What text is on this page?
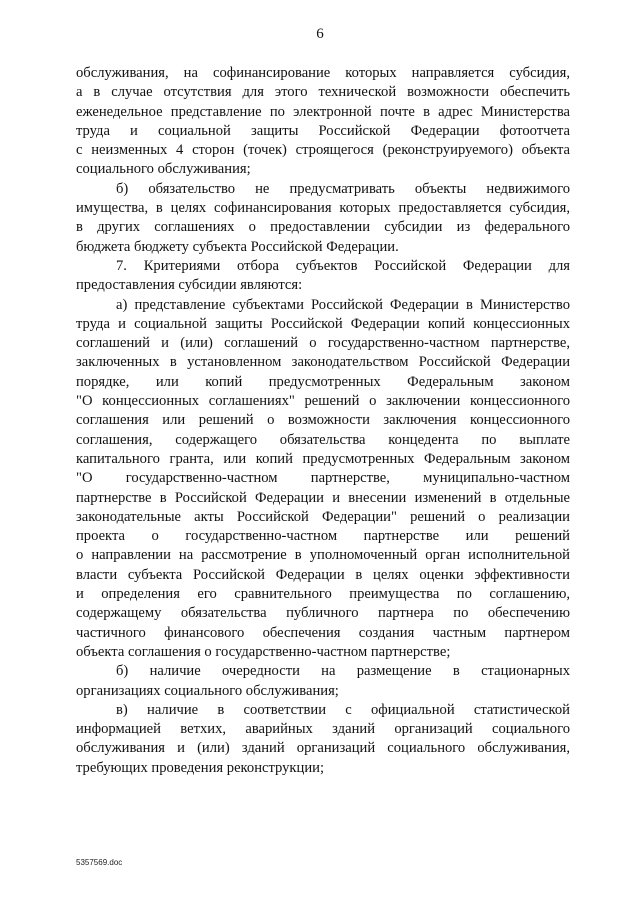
6

обслуживания, на софинансирование которых направляется субсидия,
а в случае отсутствия для этого технической возможности обеспечить
еженедельное представление по электронной почте в адрес Министерства
труда и социальной защиты Российской Федерации фотоотчета
с неизменных 4 сторон (точек) строящегося (реконструируемого) объекта
социального обслуживания;

б) обязательство не предусматривать объекты недвижимого
имущества, в целях софинансирования которых предоставляется субсидия,
в других соглашениях о предоставлении субсидии из федерального
бюджета бюджету субъекта Российской Федерации.

7. Критериями отбора субъектов Российской Федерации для
предоставления субсидии являются:

а) представление субъектами Российской Федерации в Министерство
труда и социальной защиты Российской Федерации копий концессионных
соглашений и (или) соглашений о государственно-частном партнерстве,
заключенных в установленном законодательством Российской Федерации
порядке, или копий предусмотренных Федеральным законом
"О концессионных соглашениях" решений о заключении концессионного
соглашения или решений о возможности заключения концессионного
соглашения, содержащего обязательства концедента по выплате
капитального гранта, или копий предусмотренных Федеральным законом
"О государственно-частном партнерстве, муниципально-частном
партнерстве в Российской Федерации и внесении изменений в отдельные
законодательные акты Российской Федерации" решений о реализации
проекта о государственно-частном партнерстве или решений
о направлении на рассмотрение в уполномоченный орган исполнительной
власти субъекта Российской Федерации в целях оценки эффективности
и определения его сравнительного преимущества по соглашению,
содержащему обязательства публичного партнера по обеспечению
частичного финансового обеспечения создания частным партнером
объекта соглашения о государственно-частном партнерстве;

б) наличие очередности на размещение в стационарных
организациях социального обслуживания;

в) наличие в соответствии с официальной статистической
информацией ветхих, аварийных зданий организаций социального
обслуживания и (или) зданий организаций социального обслуживания,
требующих проведения реконструкции;

5357569.doc
